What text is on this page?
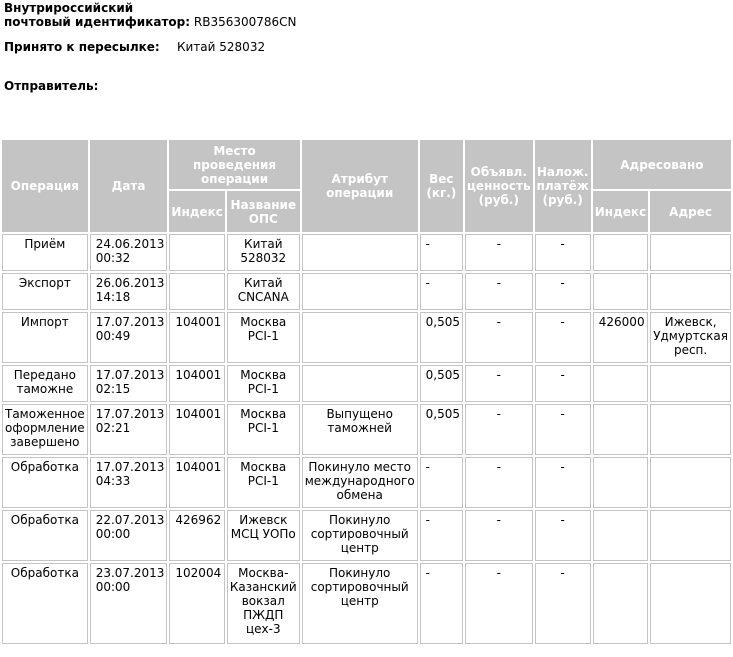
Внутрироссийский
почтовый идентификатор: RB356300786CN
Принято к пересылке: Китай 528032
Отправитель:
Операция	Дата	Место проведения операции		Атрибут операции	Вес (кг.)	Объявл. ценность (руб.)	Налож. платёж (руб.)	Адресовано	
		Индекс	Название ОПС					Индекс	Адрес
Приём	24.06.2013 00:32		Китай 528032		-	-	-		
Экспорт	26.06.2013 14:18		Китай CNCANA		-	-	-		
Импорт	17.07.2013 00:49	104001	Москва PCI-1		0,505	-	-	426000	Ижевск, Удмуртская респ.
Передано таможне	17.07.2013 02:15	104001	Москва PCI-1		0,505	-	-		
Таможенное оформление завершено	17.07.2013 02:21	104001	Москва PCI-1	Выпущено таможней	0,505	-	-		
Обработка	17.07.2013 04:33	104001	Москва PCI-1	Покинуло место международного обмена	-	-	-		
Обработка	22.07.2013 00:00	426962	Ижевск МСЦ УОПо	Покинуло сортировочный центр	-	-	-		
Обработка	23.07.2013 00:00	102004	Москва-Казанский вокзал ПЖДП цех-3	Покинуло сортировочный центр	-	-	-		
